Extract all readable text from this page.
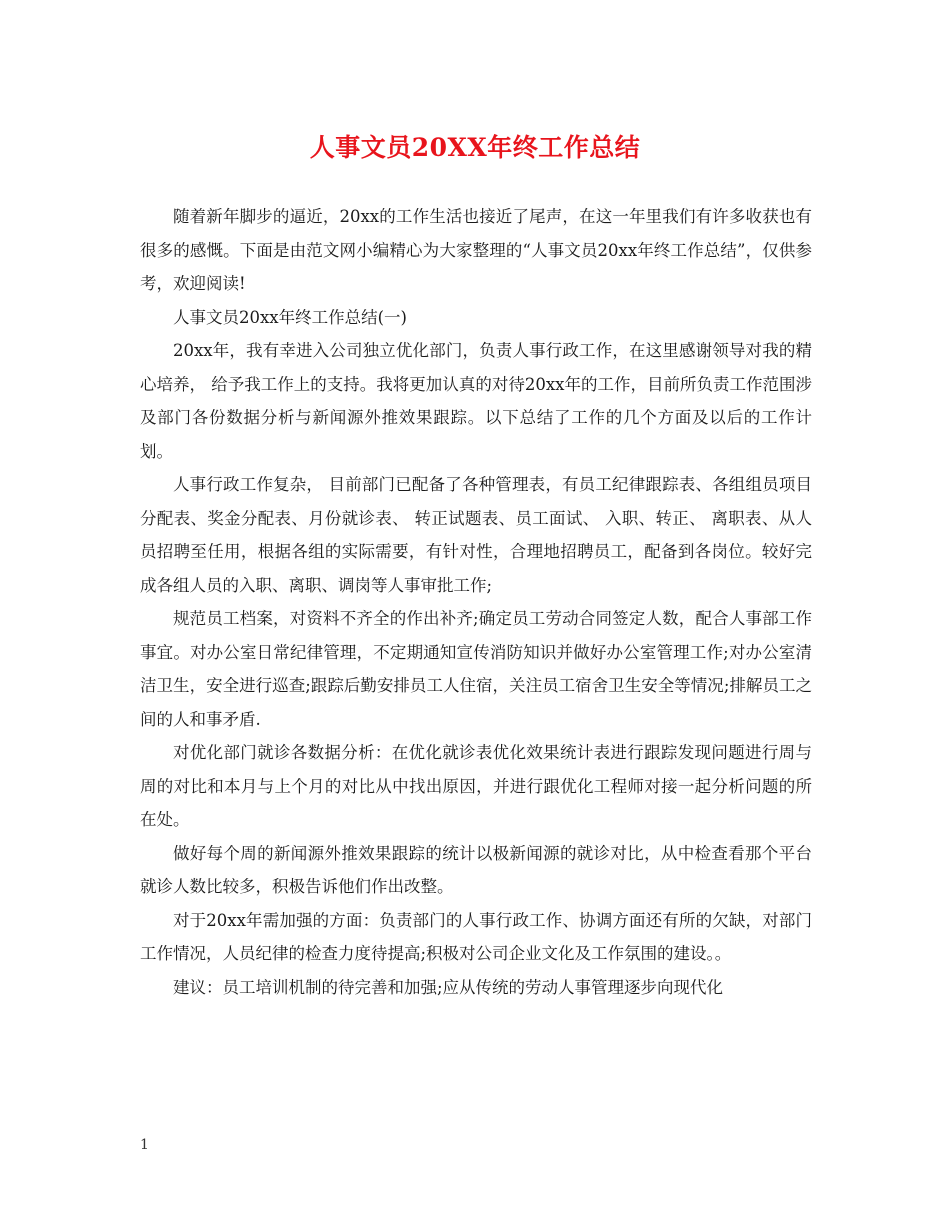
人事文员20XX年终工作总结

随着新年脚步的逼近，20xx的工作生活也接近了尾声，在这一年里我们有许多收获也有很多的感慨。下面是由范文网小编精心为大家整理的“人事文员20xx年终工作总结”，仅供参考，欢迎阅读!

人事文员20xx年终工作总结(一)

20xx年，我有幸进入公司独立优化部门，负责人事行政工作，在这里感谢领导对我的精心培养， 给予我工作上的支持。我将更加认真的对待20xx年的工作，目前所负责工作范围涉及部门各份数据分析与新闻源外推效果跟踪。以下总结了工作的几个方面及以后的工作计划。

人事行政工作复杂， 目前部门已配备了各种管理表，有员工纪律跟踪表、各组组员项目分配表、奖金分配表、月份就诊表、 转正试题表、员工面试、 入职、转正、 离职表、从人员招聘至任用，根据各组的实际需要，有针对性，合理地招聘员工，配备到各岗位。较好完成各组人员的入职、离职、调岗等人事审批工作;

规范员工档案，对资料不齐全的作出补齐;确定员工劳动合同签定人数，配合人事部工作事宜。对办公室日常纪律管理，不定期通知宣传消防知识并做好办公室管理工作;对办公室清洁卫生，安全进行巡查;跟踪后勤安排员工人住宿，关注员工宿舍卫生安全等情况;排解员工之间的人和事矛盾.

对优化部门就诊各数据分析：在优化就诊表优化效果统计表进行跟踪发现问题进行周与周的对比和本月与上个月的对比从中找出原因，并进行跟优化工程师对接一起分析问题的所在处。

做好每个周的新闻源外推效果跟踪的统计以极新闻源的就诊对比，从中检查看那个平台就诊人数比较多，积极告诉他们作出改整。

对于20xx年需加强的方面：负责部门的人事行政工作、协调方面还有所的欠缺，对部门工作情况，人员纪律的检查力度待提高;积极对公司企业文化及工作氛围的建设。。

建议：员工培训机制的待完善和加强;应从传统的劳动人事管理逐步向现代化

1
